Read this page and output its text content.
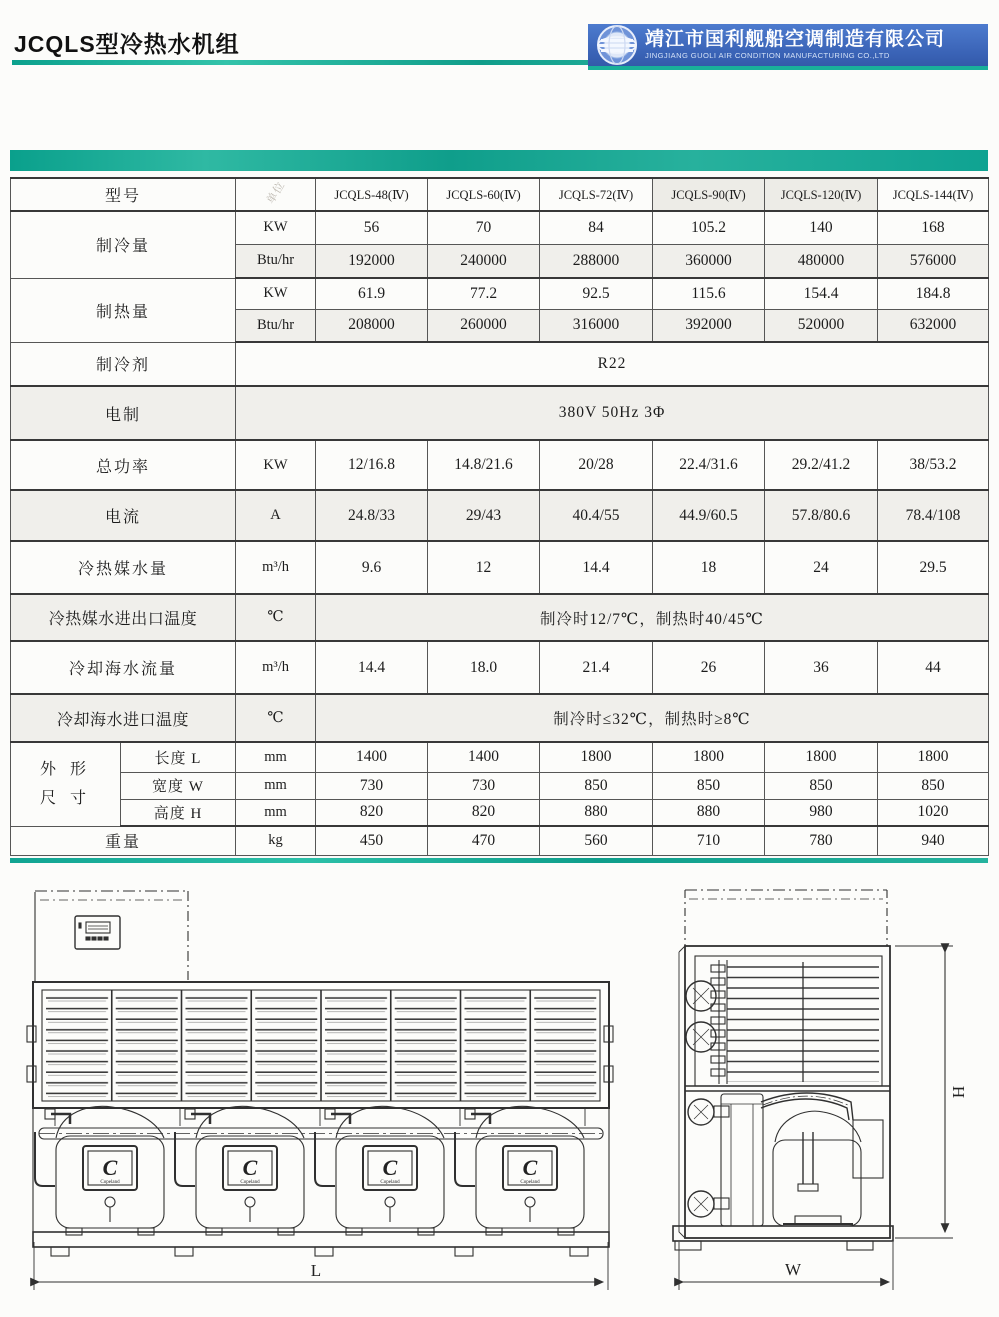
JCQLS型冷热水机组	靖江市国利舰船空调制造有限公司
JINGJIANG GUOLI AIR CONDITION MANUFACTURING CO.,LTD
型号		单位	JCQLS-48(Ⅳ)	JCQLS-60(Ⅳ)	JCQLS-72(Ⅳ)	JCQLS-90(Ⅳ)	JCQLS-120(Ⅳ)	JCQLS-144(Ⅳ)
制冷量		KW	56	70	84	105.2	140	168
		Btu/hr	192000	240000	288000	360000	480000	576000
制热量		KW	61.9	77.2	92.5	115.6	154.4	184.8
		Btu/hr	208000	260000	316000	392000	520000	632000
制冷剂		R22						
电制		380V 50Hz 3Φ						
总功率		KW	12/16.8	14.8/21.6	20/28	22.4/31.6	29.2/41.2	38/53.2
电流		A	24.8/33	29/43	40.4/55	44.9/60.5	57.8/80.6	78.4/108
冷热媒水量		m³/h	9.6	12	14.4	18	24	29.5
冷热媒水进出口温度		℃	制冷时12/7℃，制热时40/45℃					
冷却海水流量		m³/h	14.4	18.0	21.4	26	36	44
冷却海水进口温度		℃	制冷时≤32℃，制热时≥8℃					

外 形
尺 寸	长度 L	mm	1400	1400	1800	1800	1800	1800
	宽度 W	mm	730	730	850	850	850	850
	高度 H	mm	820	820	880	880	980	1020
重量		kg	450	470	560	710	780	940
C
Copeland
C
Copeland
C
Copeland
C
Copeland
L
H
W
